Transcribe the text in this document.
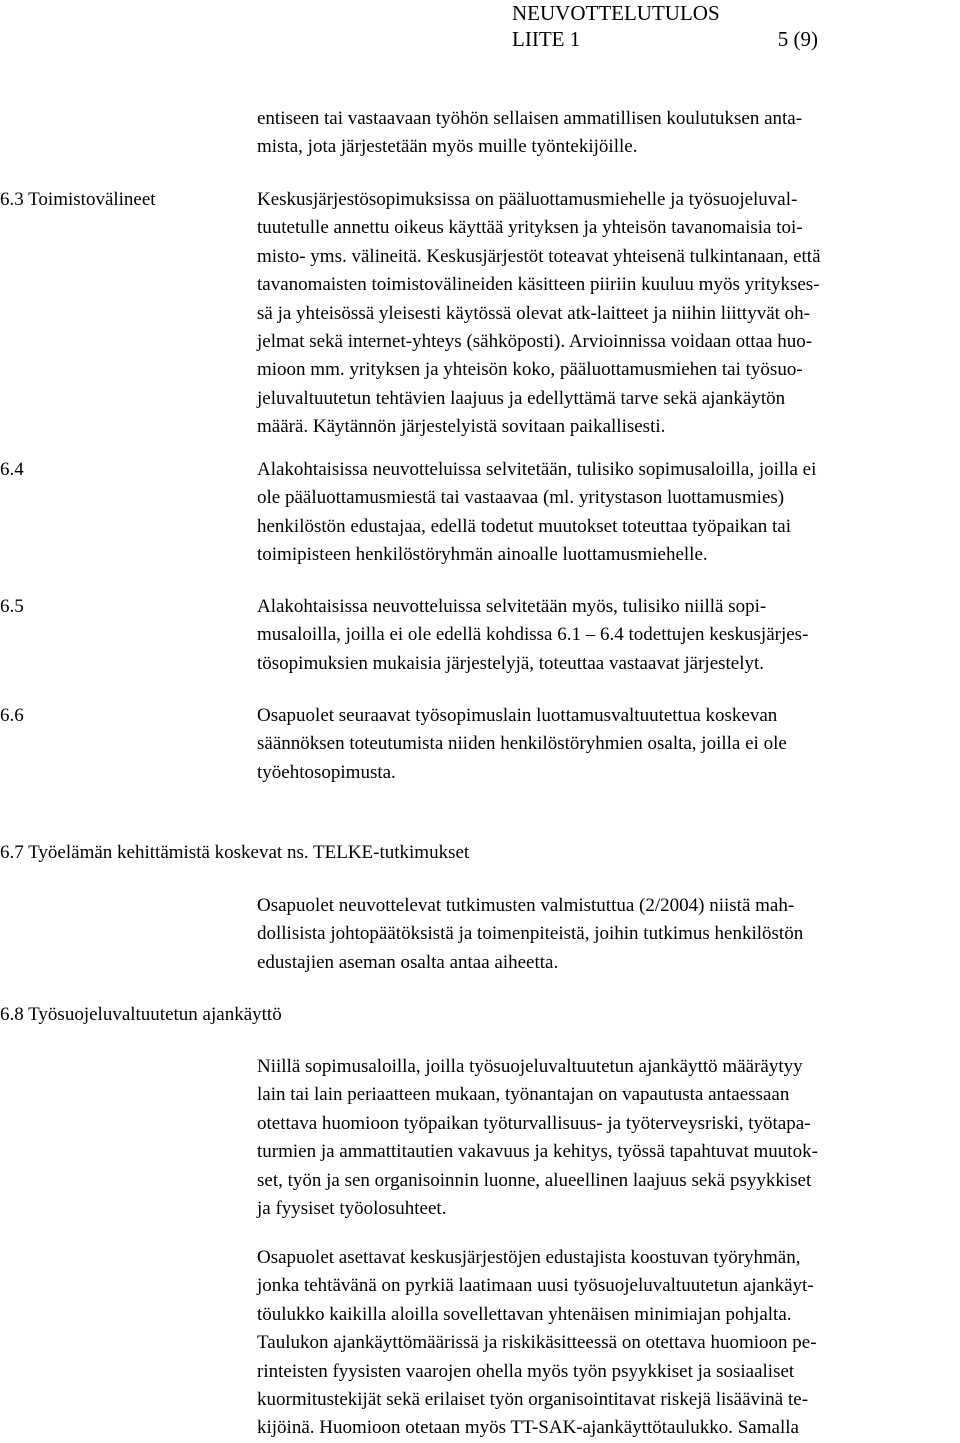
NEUVOTTELUTULOS
LIITE 1	5 (9)
entiseen tai vastaavaan työhön sellaisen ammatillisen koulutuksen anta-
mista, jota järjestetään myös muille työntekijöille.
6.3 Toimistovälineet	Keskusjärjestösopimuksissa on pääluottamusmiehelle ja työsuojeluval-
tuutetulle annettu oikeus käyttää yrityksen ja yhteisön tavanomaisia toi-
misto- yms. välineitä. Keskusjärjestöt toteavat yhteisenä tulkintanaan, että
tavanomaisten toimistovälineiden käsitteen piiriin kuuluu myös yritykses-
sä ja yhteisössä yleisesti käytössä olevat atk-laitteet ja niihin liittyvät oh-
jelmat sekä internet-yhteys (sähköposti). Arvioinnissa voidaan ottaa huo-
mioon mm. yrityksen ja yhteisön koko, pääluottamusmiehen tai työsuo-
jeluvaltuutetun tehtävien laajuus ja edellyttämä tarve sekä ajankäytön
määrä. Käytännön järjestelyistä sovitaan paikallisesti.
6.4	Alakohtaisissa neuvotteluissa selvitetään, tulisiko sopimusaloilla, joilla ei
ole pääluottamusmiestä tai vastaavaa (ml. yritystason luottamusmies)
henkilöstön edustajaa, edellä todetut muutokset toteuttaa työpaikan tai
toimipisteen henkilöstöryhmän ainoalle luottamusmiehelle.
6.5	Alakohtaisissa neuvotteluissa selvitetään myös, tulisiko niillä sopi-
musaloilla, joilla ei ole edellä kohdissa 6.1 – 6.4 todettujen keskusjärjes-
tösopimuksien mukaisia järjestelyjä, toteuttaa vastaavat järjestelyt.
6.6	Osapuolet seuraavat työsopimuslain luottamusvaltuutettua koskevan
säännöksen toteutumista niiden henkilöstöryhmien osalta, joilla ei ole
työehtosopimusta.
6.7 Työelämän kehittämistä koskevat ns. TELKE-tutkimukset
Osapuolet neuvottelevat tutkimusten valmistuttua (2/2004) niistä mah-
dollisista johtopäätöksistä ja toimenpiteistä, joihin tutkimus henkilöstön
edustajien aseman osalta antaa aiheetta.
6.8 Työsuojeluvaltuutetun ajankäyttö
Niillä sopimusaloilla, joilla työsuojeluvaltuutetun ajankäyttö määräytyy
lain tai lain periaatteen mukaan, työnantajan on vapautusta antaessaan
otettava huomioon työpaikan työturvallisuus- ja työterveysriski, työtapa-
turmien ja ammattitautien vakavuus ja kehitys, työssä tapahtuvat muutok-
set, työn ja sen organisoinnin luonne, alueellinen laajuus sekä psyykkiset
ja fyysiset työolosuhteet.
Osapuolet asettavat keskusjärjestöjen edustajista koostuvan työryhmän,
jonka tehtävänä on pyrkiä laatimaan uusi työsuojeluvaltuutetun ajankäyt-
töulukko kaikilla aloilla sovellettavan yhtenäisen minimiajan pohjalta.
Taulukon ajankäyttömäärissä ja riskikäsitteessä on otettava huomioon pe-
rinteisten fyysisten vaarojen ohella myös työn psyykkiset ja sosiaaliset
kuormitustekijät sekä erilaiset työn organisointitavat riskejä lisäävinä te-
kijöinä. Huomioon otetaan myös TT-SAK-ajankäyttötaulukko. Samalla
